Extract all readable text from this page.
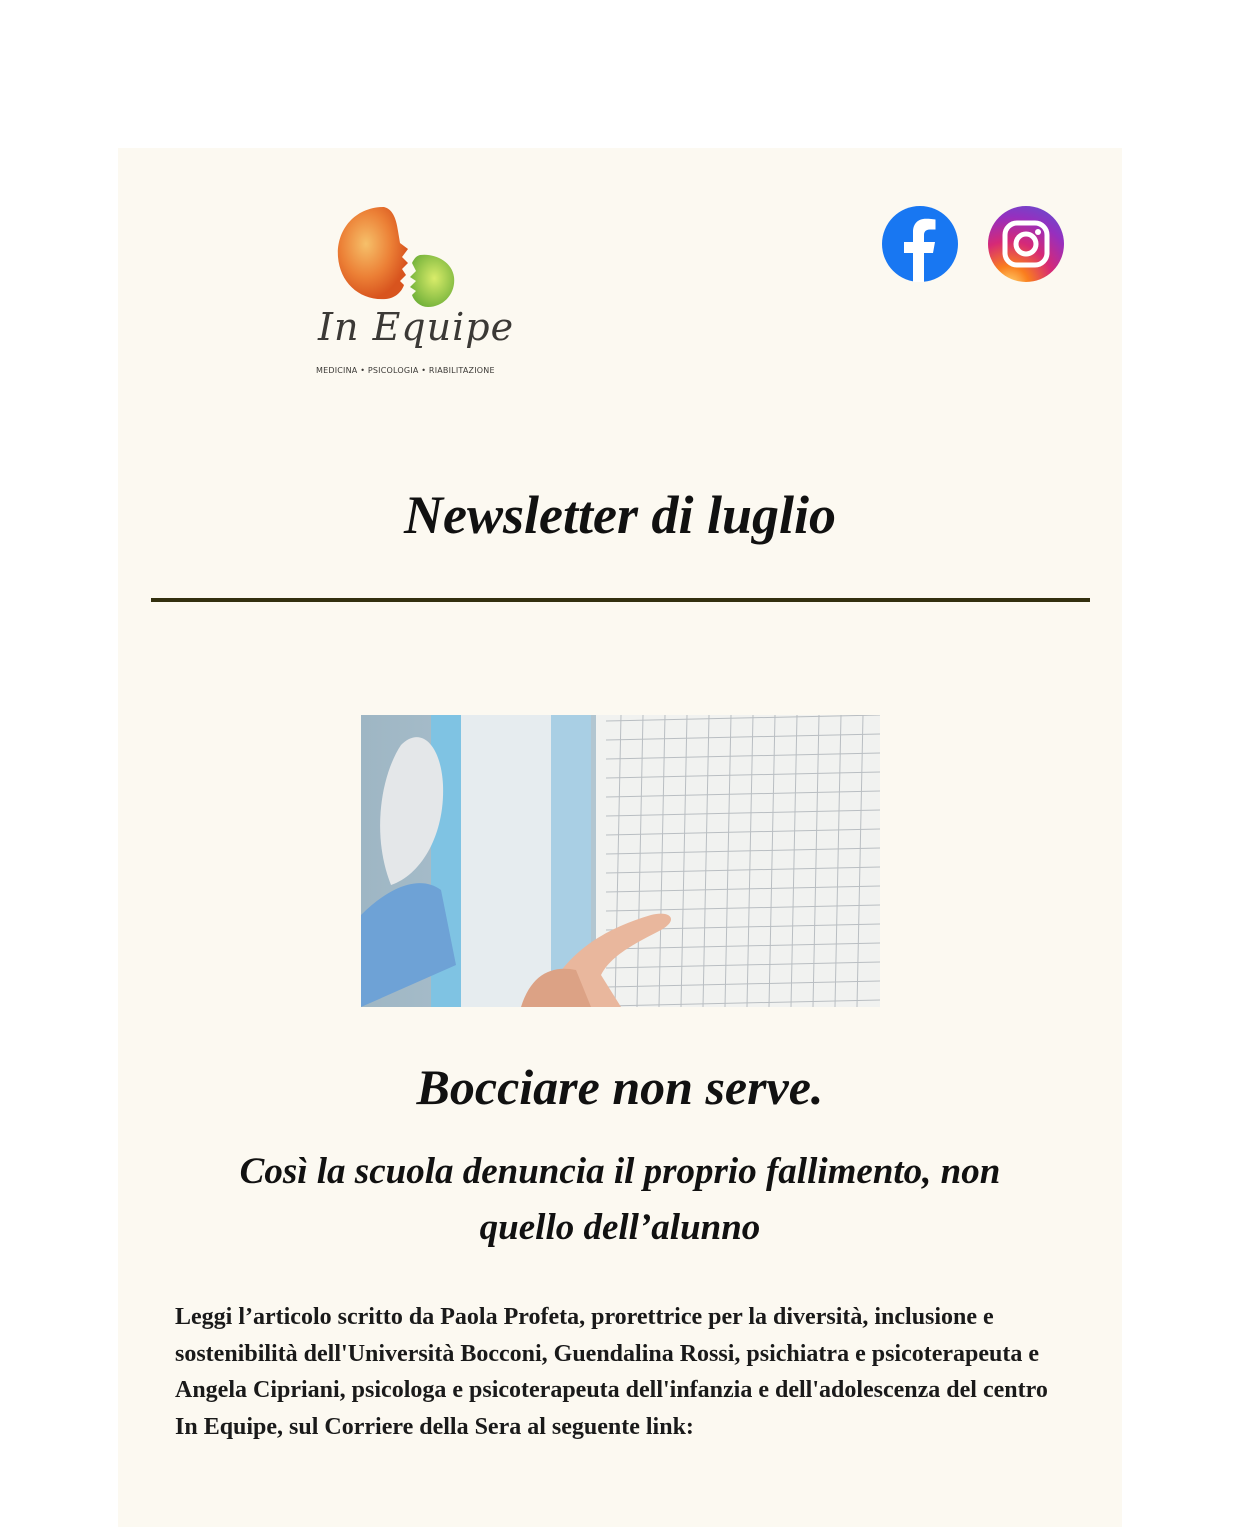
In Equipe
MEDICINA • PSICOLOGIA • RIABILITAZIONE
Newsletter di luglio
Bocciare non serve.
Così la scuola denuncia il proprio fallimento, non quello dell’alunno
Leggi l’articolo scritto da Paola Profeta, prorettrice per la diversità, inclusione e sostenibilità dell'Università Bocconi, Guendalina Rossi, psichiatra e psicoterapeuta e Angela Cipriani, psicologa e psicoterapeuta dell'infanzia e dell'adolescenza del centro In Equipe, sul Corriere della Sera al seguente link:
